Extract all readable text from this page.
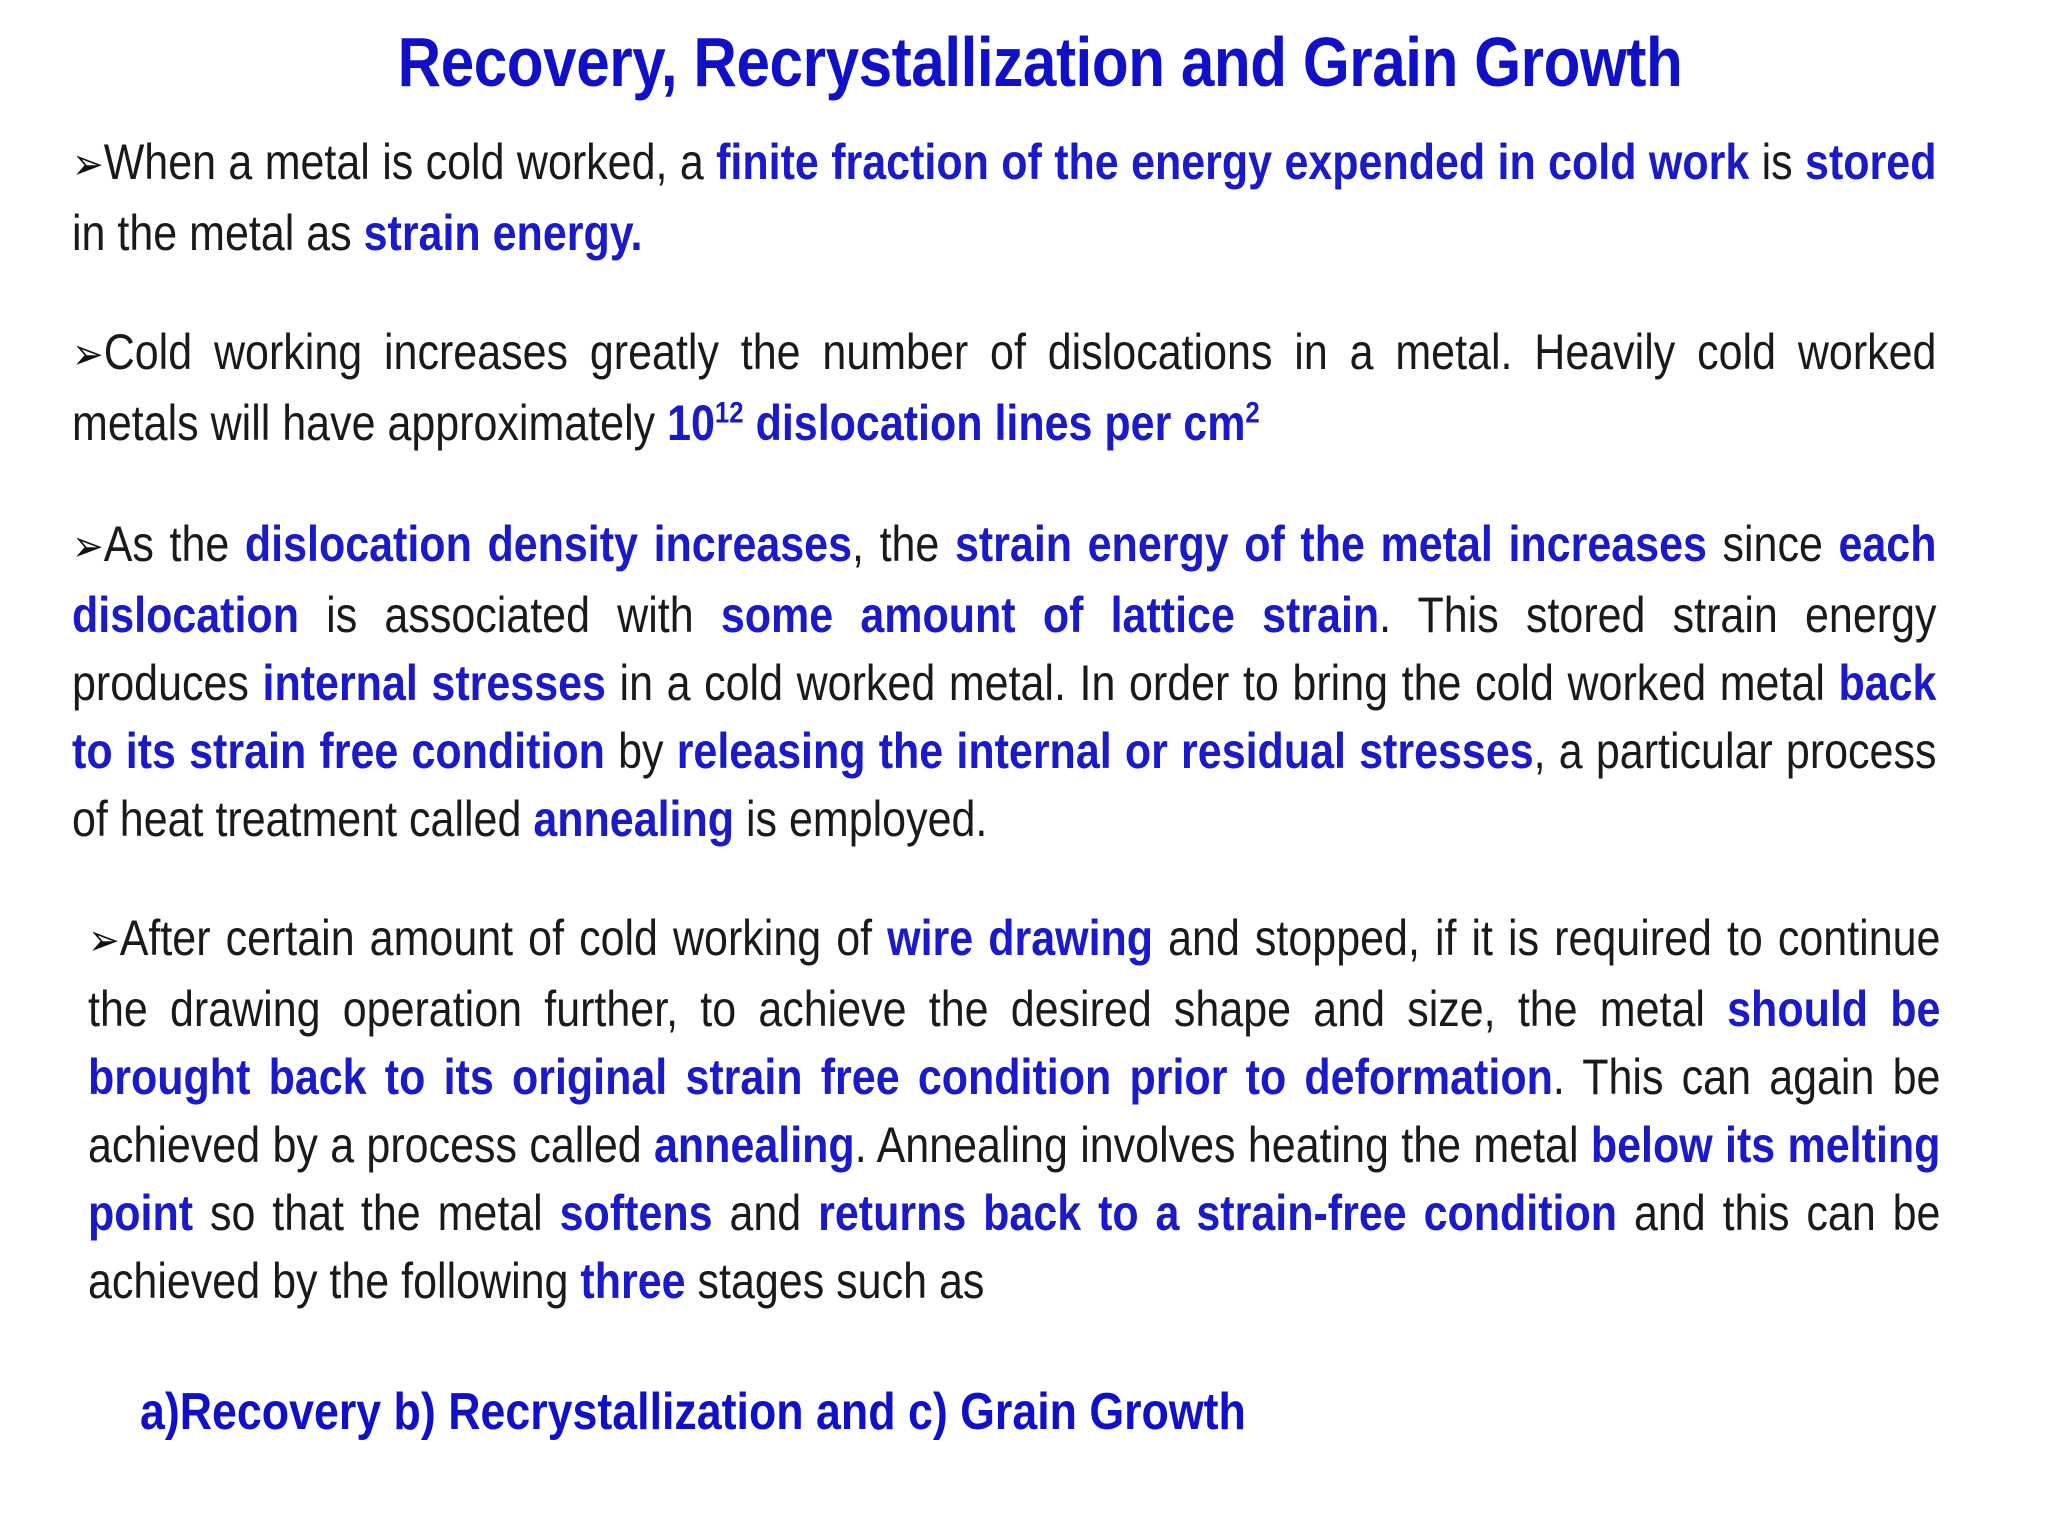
Recovery, Recrystallization and Grain Growth
➢When a metal is cold worked, a finite fraction of the energy expended in cold work is stored in the metal as strain energy.
➢Cold working increases greatly the number of dislocations in a metal. Heavily cold worked metals will have approximately $10^{12}$ dislocation lines per $cm^2$
➢As the dislocation density increases, the strain energy of the metal increases since each dislocation is associated with some amount of lattice strain. This stored strain energy produces internal stresses in a cold worked metal. In order to bring the cold worked metal back to its strain free condition by releasing the internal or residual stresses, a particular process of heat treatment called annealing is employed.
➢After certain amount of cold working of wire drawing and stopped, if it is required to continue the drawing operation further, to achieve the desired shape and size, the metal should be brought back to its original strain free condition prior to deformation. This can again be achieved by a process called annealing. Annealing involves heating the metal below its melting point so that the metal softens and returns back to a strain-free condition and this can be achieved by the following three stages such as
a)Recovery b) Recrystallization and c) Grain Growth
